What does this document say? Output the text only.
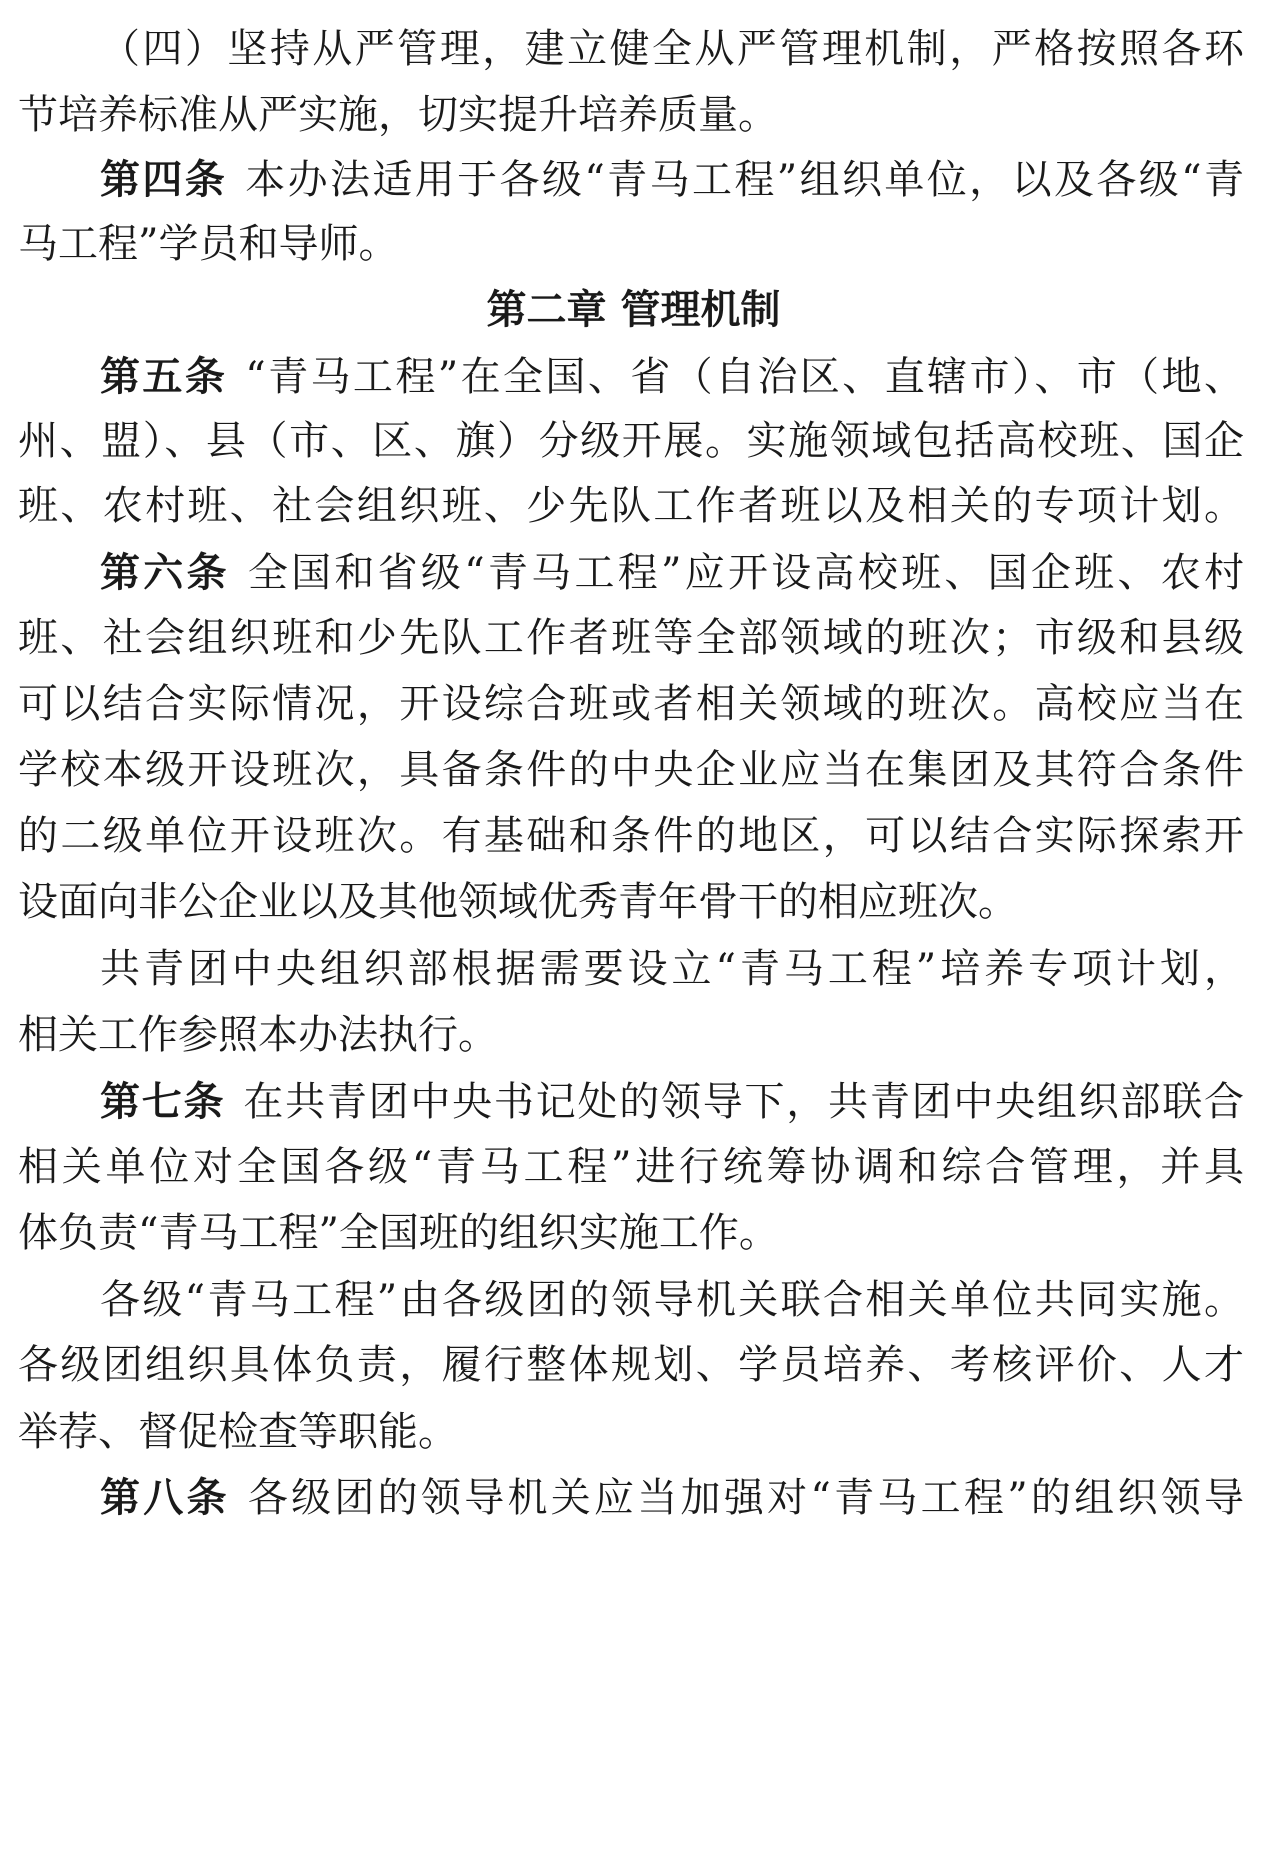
（四）坚持从严管理，建立健全从严管理机制，严格按照各环
节培养标准从严实施，切实提升培养质量。
第四条 本办法适用于各级“青马工程”组织单位，以及各级“青
马工程”学员和导师。
第二章 管理机制
第五条 “青马工程”在全国、省（自治区、直辖市）、市（地、
州、盟）、县（市、区、旗）分级开展。实施领域包括高校班、国企
班、农村班、社会组织班、少先队工作者班以及相关的专项计划。
第六条 全国和省级“青马工程”应开设高校班、国企班、农村
班、社会组织班和少先队工作者班等全部领域的班次；市级和县级
可以结合实际情况，开设综合班或者相关领域的班次。高校应当在
学校本级开设班次，具备条件的中央企业应当在集团及其符合条件
的二级单位开设班次。有基础和条件的地区，可以结合实际探索开
设面向非公企业以及其他领域优秀青年骨干的相应班次。
共青团中央组织部根据需要设立“青马工程”培养专项计划，
相关工作参照本办法执行。
第七条 在共青团中央书记处的领导下，共青团中央组织部联合
相关单位对全国各级“青马工程”进行统筹协调和综合管理，并具
体负责“青马工程”全国班的组织实施工作。
各级“青马工程”由各级团的领导机关联合相关单位共同实施。
各级团组织具体负责，履行整体规划、学员培养、考核评价、人才
举荐、督促检查等职能。
第八条 各级团的领导机关应当加强对“青马工程”的组织领导
